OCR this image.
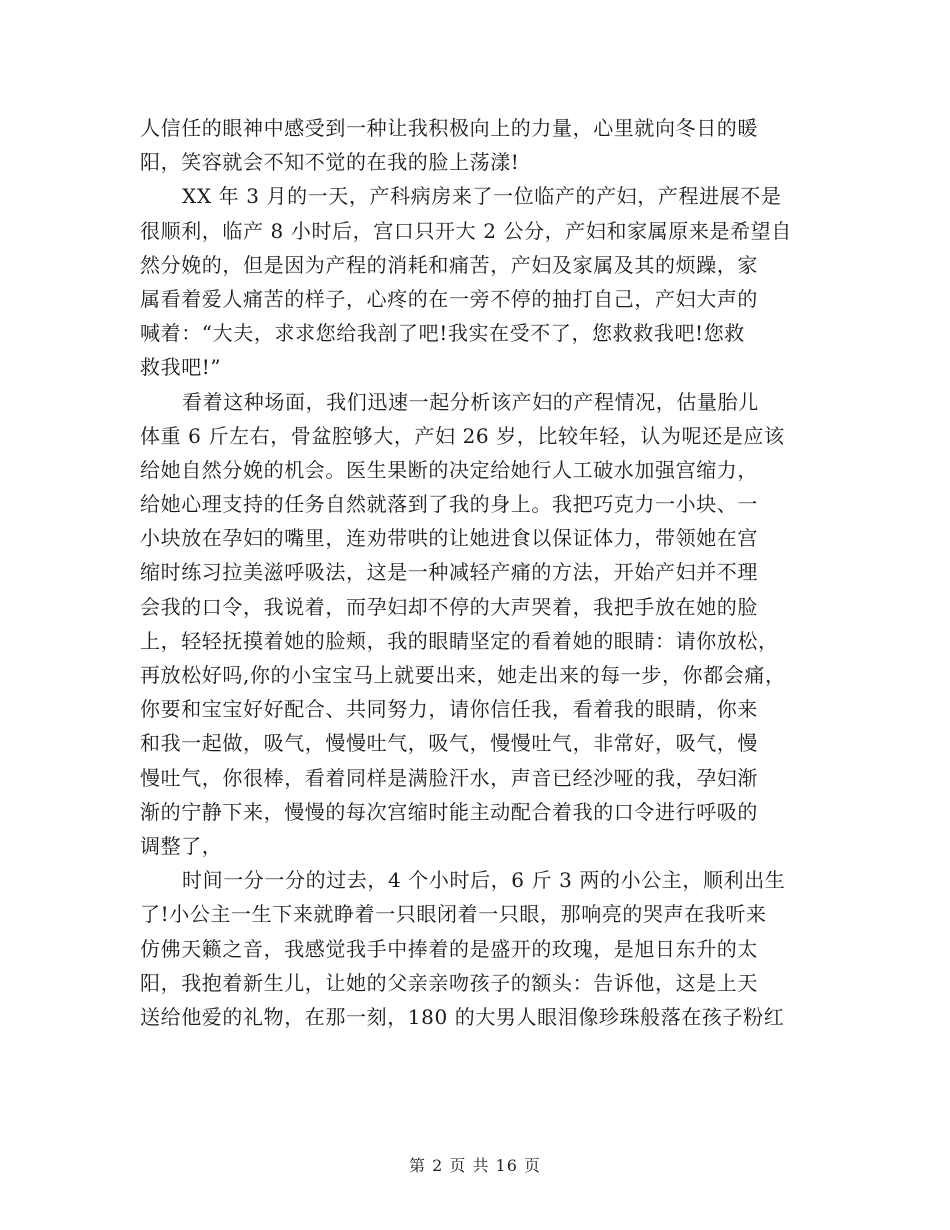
人信任的眼神中感受到一种让我积极向上的力量，心里就向冬日的暖
阳，笑容就会不知不觉的在我的脸上荡漾!
XX 年 3 月的一天，产科病房来了一位临产的产妇，产程进展不是
很顺利，临产 8 小时后，宫口只开大 2 公分，产妇和家属原来是希望自
然分娩的，但是因为产程的消耗和痛苦，产妇及家属及其的烦躁，家
属看着爱人痛苦的样子，心疼的在一旁不停的抽打自己，产妇大声的
喊着：“大夫，求求您给我剖了吧!我实在受不了，您救救我吧!您救
救我吧!”
看着这种场面，我们迅速一起分析该产妇的产程情况，估量胎儿
体重 6 斤左右，骨盆腔够大，产妇 26 岁，比较年轻，认为呢还是应该
给她自然分娩的机会。医生果断的决定给她行人工破水加强宫缩力，
给她心理支持的任务自然就落到了我的身上。我把巧克力一小块、一
小块放在孕妇的嘴里，连劝带哄的让她进食以保证体力，带领她在宫
缩时练习拉美滋呼吸法，这是一种减轻产痛的方法，开始产妇并不理
会我的口令，我说着，而孕妇却不停的大声哭着，我把手放在她的脸
上，轻轻抚摸着她的脸颊，我的眼睛坚定的看着她的眼睛：请你放松，
再放松好吗,你的小宝宝马上就要出来，她走出来的每一步，你都会痛，
你要和宝宝好好配合、共同努力，请你信任我，看着我的眼睛，你来
和我一起做，吸气，慢慢吐气，吸气，慢慢吐气，非常好，吸气，慢
慢吐气，你很棒，看着同样是满脸汗水，声音已经沙哑的我，孕妇渐
渐的宁静下来，慢慢的每次宫缩时能主动配合着我的口令进行呼吸的
调整了，
时间一分一分的过去，4 个小时后，6 斤 3 两的小公主，顺利出生
了!小公主一生下来就睁着一只眼闭着一只眼，那响亮的哭声在我听来
仿佛天籁之音，我感觉我手中捧着的是盛开的玫瑰，是旭日东升的太
阳，我抱着新生儿，让她的父亲亲吻孩子的额头：告诉他，这是上天
送给他爱的礼物，在那一刻，180 的大男人眼泪像珍珠般落在孩子粉红
第 2 页 共 16 页
